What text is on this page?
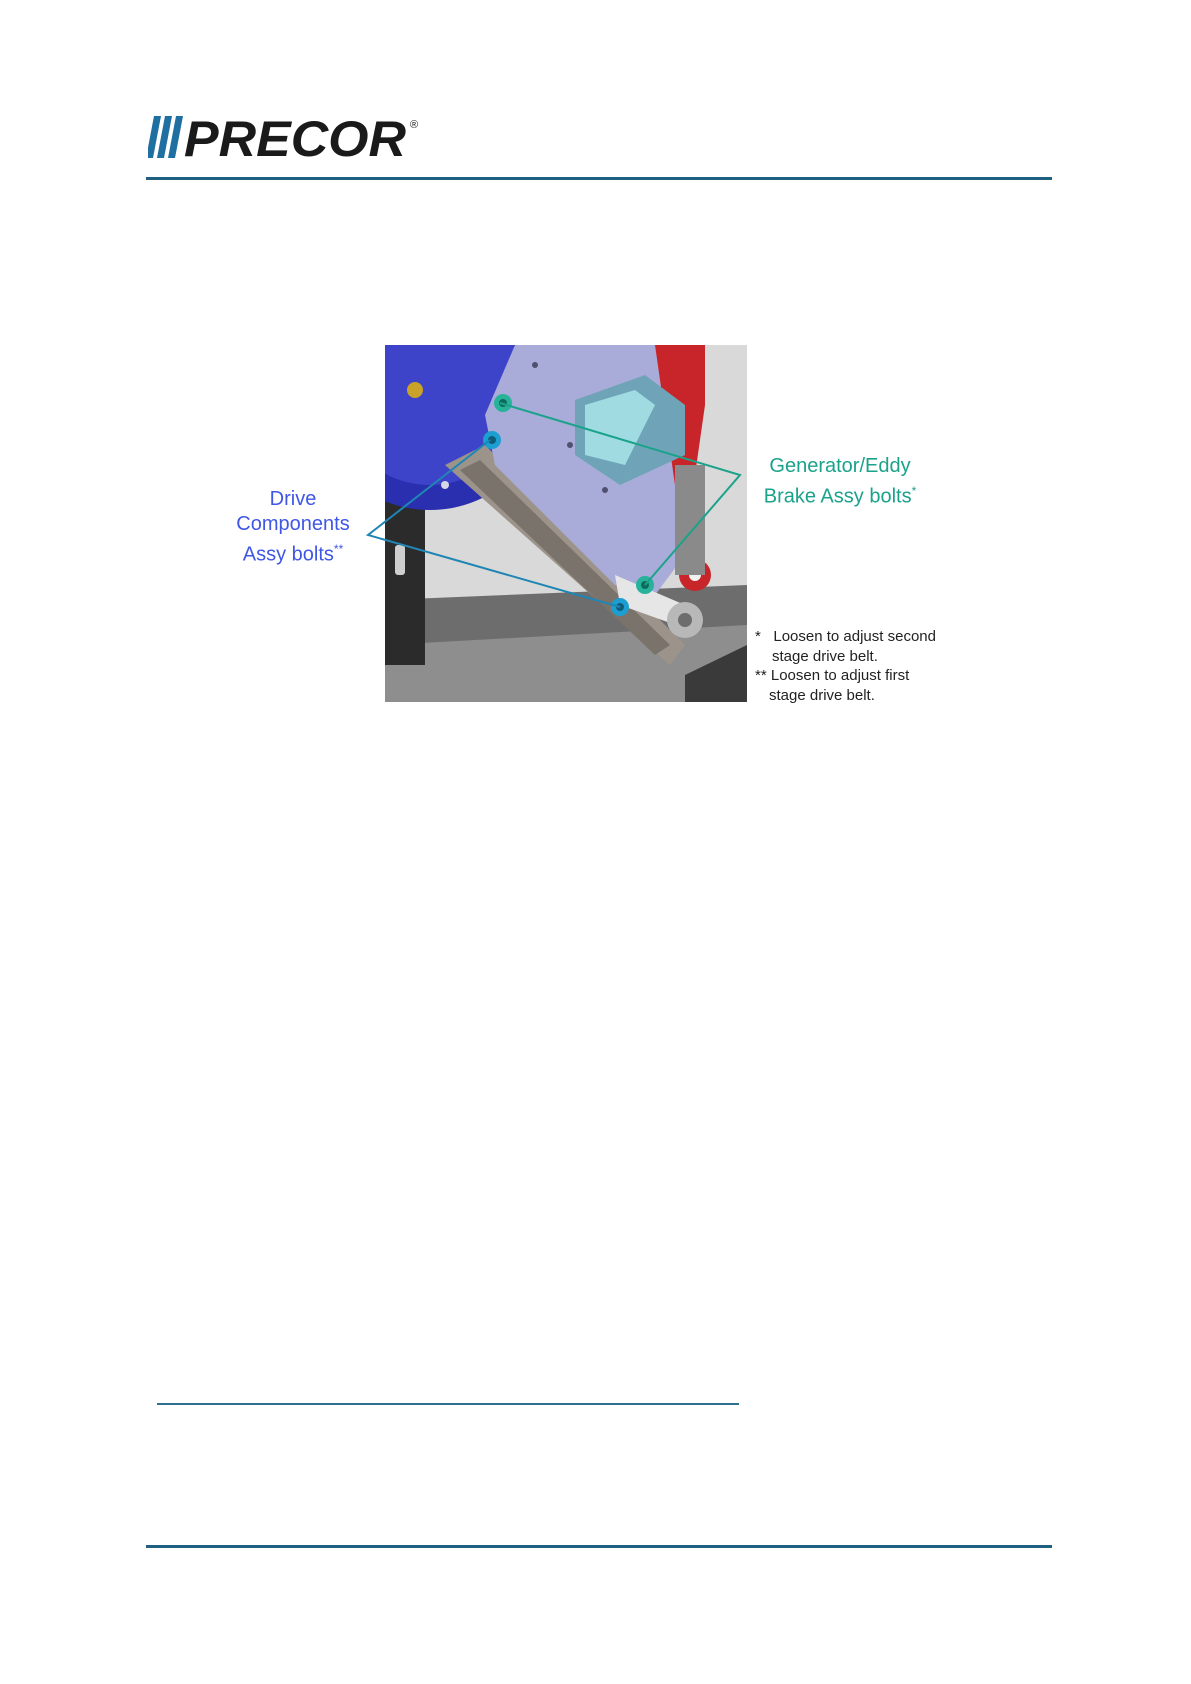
PRECOR ®
Drive
Components
Assy bolts**
Generator/Eddy
Brake Assy bolts*
* Loosen to adjust second
stage drive belt.
** Loosen to adjust first
stage drive belt.
